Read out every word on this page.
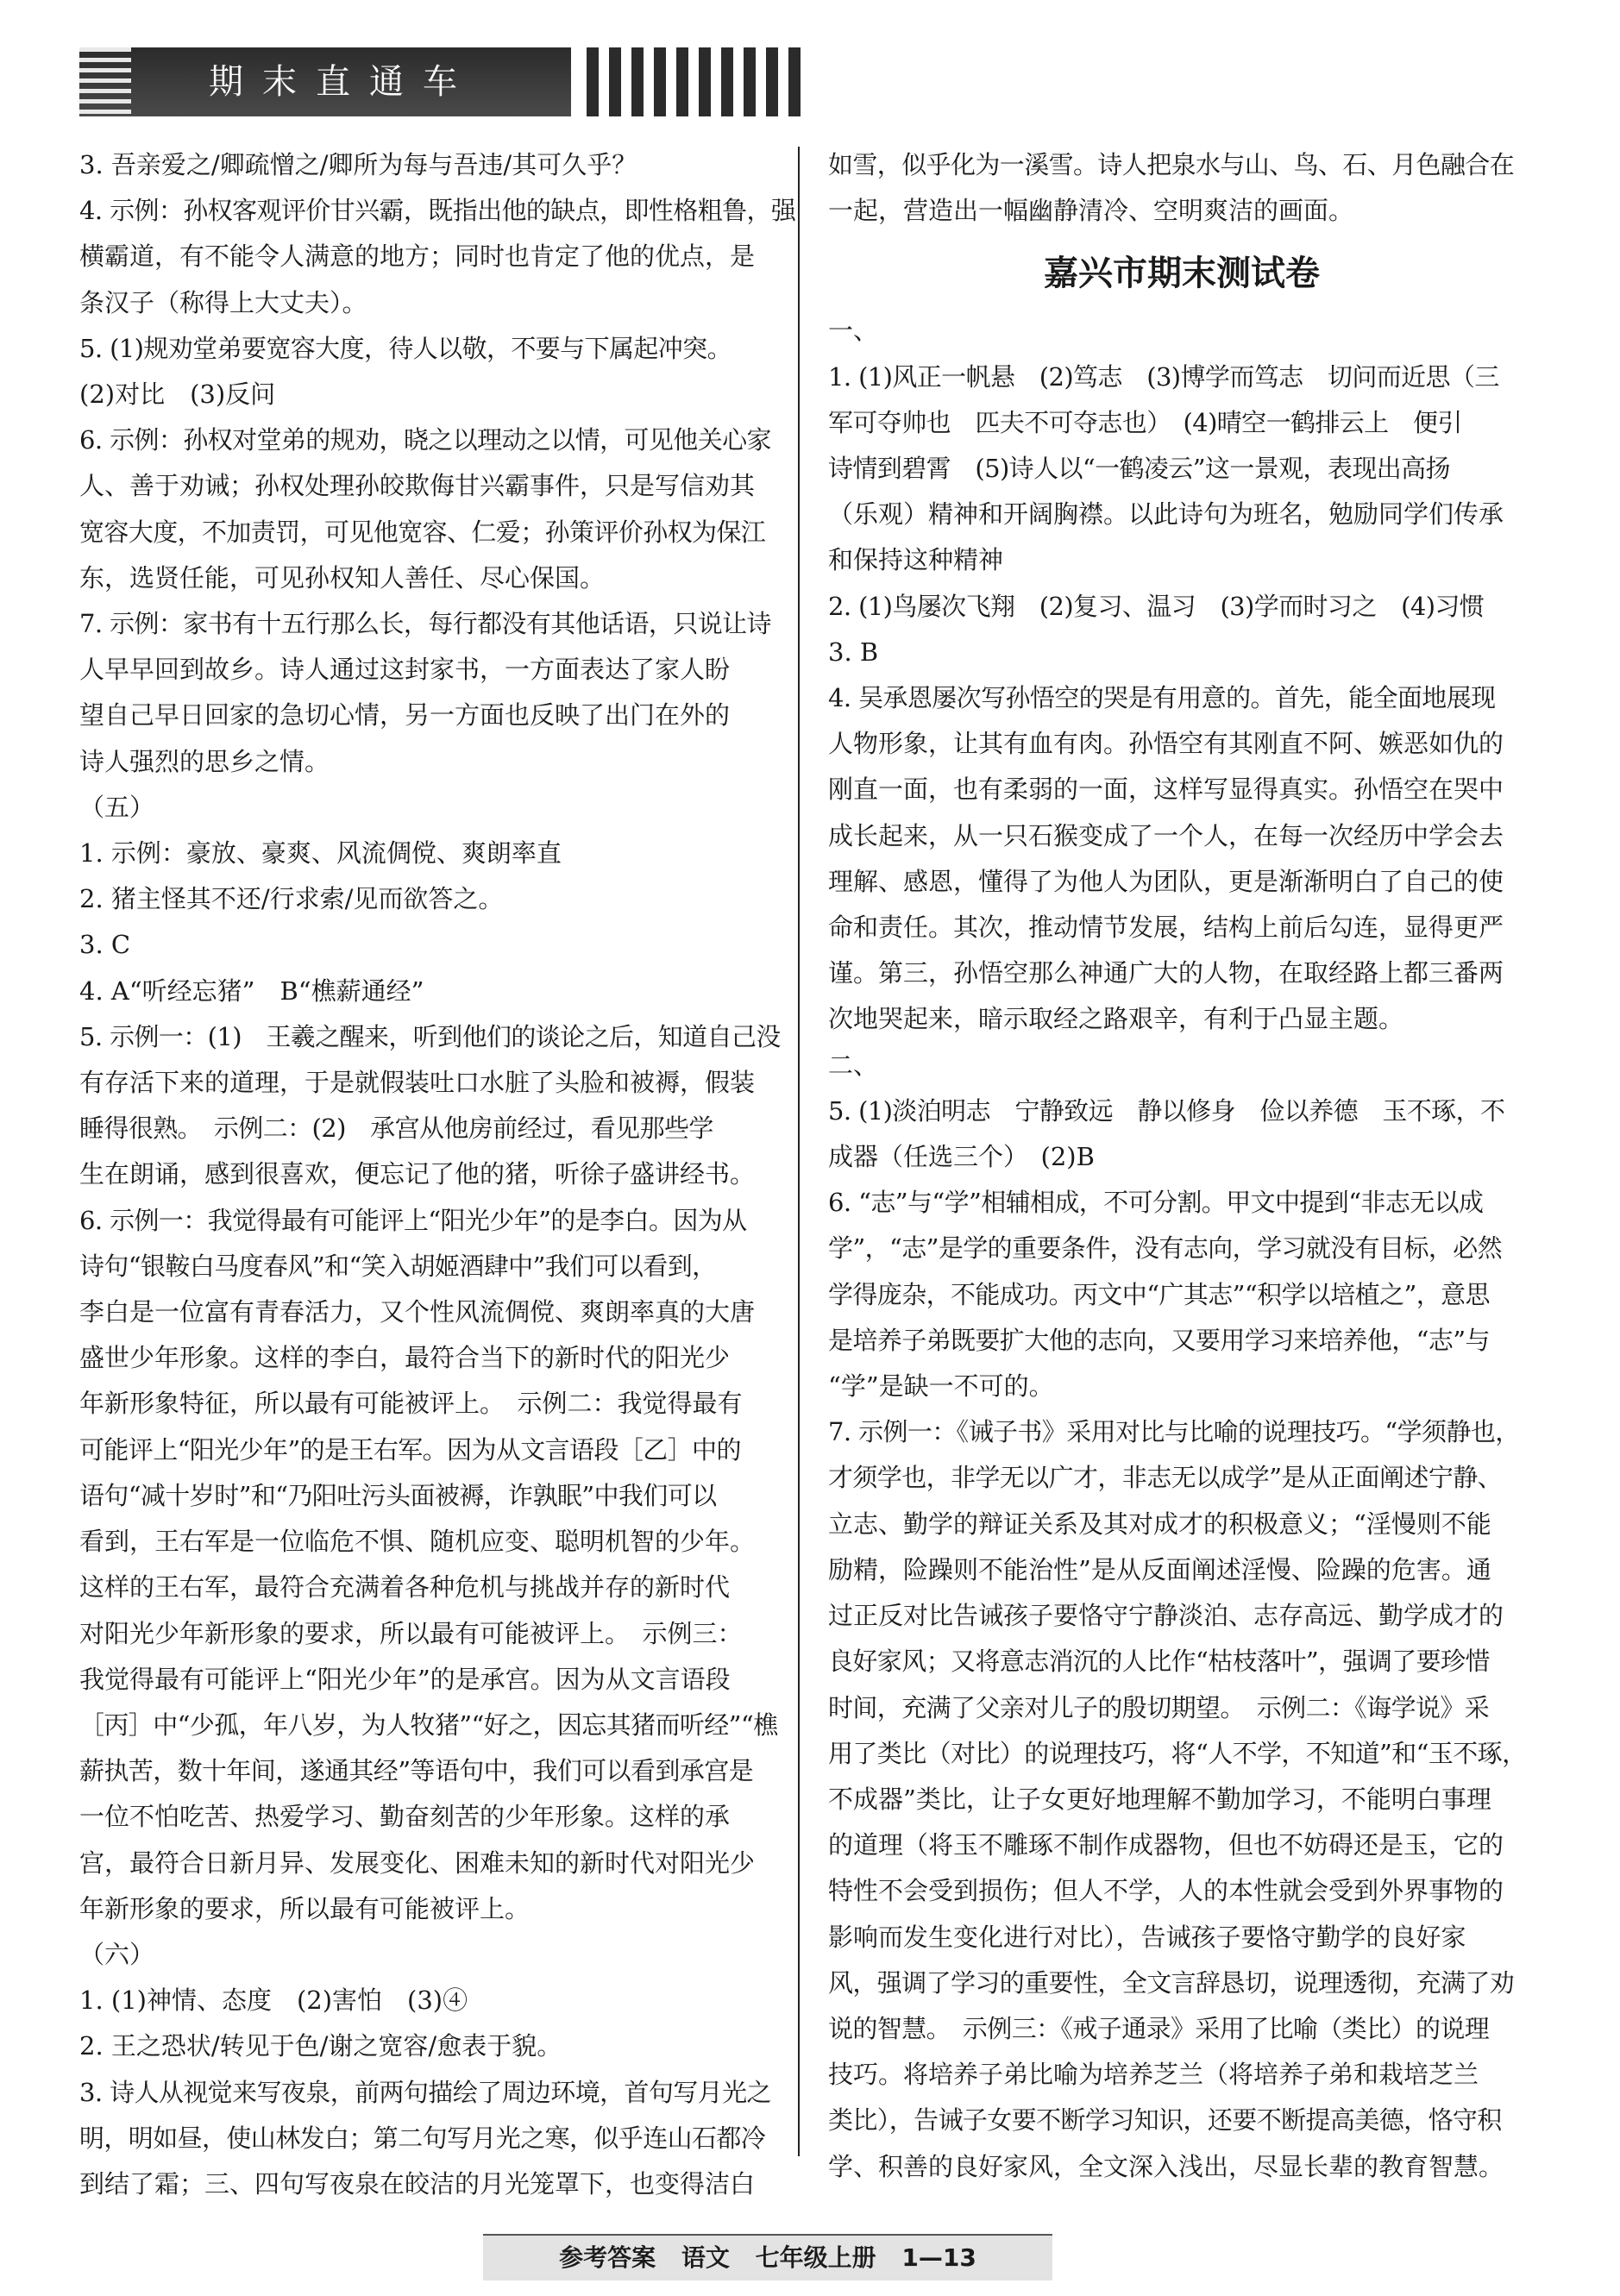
期末直通车
3. 吾亲爱之/卿疏憎之/卿所为每与吾违/其可久乎？
4. 示例：孙权客观评价甘兴霸，既指出他的缺点，即性格粗鲁，强
横霸道，有不能令人满意的地方；同时也肯定了他的优点，是
条汉子（称得上大丈夫）。
5. (1)规劝堂弟要宽容大度，待人以敬，不要与下属起冲突。
(2)对比　(3)反问
6. 示例：孙权对堂弟的规劝，晓之以理动之以情，可见他关心家
人、善于劝诫；孙权处理孙皎欺侮甘兴霸事件，只是写信劝其
宽容大度，不加责罚，可见他宽容、仁爱；孙策评价孙权为保江
东，选贤任能，可见孙权知人善任、尽心保国。
7. 示例：家书有十五行那么长，每行都没有其他话语，只说让诗
人早早回到故乡。诗人通过这封家书，一方面表达了家人盼
望自己早日回家的急切心情，另一方面也反映了出门在外的
诗人强烈的思乡之情。
（五）
1. 示例：豪放、豪爽、风流倜傥、爽朗率直
2. 猪主怪其不还/行求索/见而欲答之。
3. C
4. A“听经忘猪”　B“樵薪通经”
5. 示例一：(1)　王羲之醒来，听到他们的谈论之后，知道自己没
有存活下来的道理，于是就假装吐口水脏了头脸和被褥，假装
睡得很熟。　示例二：(2)　承宫从他房前经过，看见那些学
生在朗诵，感到很喜欢，便忘记了他的猪，听徐子盛讲经书。
6. 示例一：我觉得最有可能评上“阳光少年”的是李白。因为从
诗句“银鞍白马度春风”和“笑入胡姬酒肆中”我们可以看到，
李白是一位富有青春活力，又个性风流倜傥、爽朗率真的大唐
盛世少年形象。这样的李白，最符合当下的新时代的阳光少
年新形象特征，所以最有可能被评上。　示例二：我觉得最有
可能评上“阳光少年”的是王右军。因为从文言语段［乙］中的
语句“减十岁时”和“乃阳吐污头面被褥，诈孰眠”中我们可以
看到，王右军是一位临危不惧、随机应变、聪明机智的少年。
这样的王右军，最符合充满着各种危机与挑战并存的新时代
对阳光少年新形象的要求，所以最有可能被评上。　示例三：
我觉得最有可能评上“阳光少年”的是承宫。因为从文言语段
［丙］中“少孤，年八岁，为人牧猪”“好之，因忘其猪而听经”“樵
薪执苦，数十年间，遂通其经”等语句中，我们可以看到承宫是
一位不怕吃苦、热爱学习、勤奋刻苦的少年形象。这样的承
宫，最符合日新月异、发展变化、困难未知的新时代对阳光少
年新形象的要求，所以最有可能被评上。
（六）
1. (1)神情、态度　(2)害怕　(3)④
2. 王之恐状/转见于色/谢之宽容/愈表于貌。
3. 诗人从视觉来写夜泉，前两句描绘了周边环境，首句写月光之
明，明如昼，使山林发白；第二句写月光之寒，似乎连山石都冷
到结了霜；三、四句写夜泉在皎洁的月光笼罩下，也变得洁白
如雪，似乎化为一溪雪。诗人把泉水与山、鸟、石、月色融合在
一起，营造出一幅幽静清冷、空明爽洁的画面。
嘉兴市期末测试卷
一、
1. (1)风正一帆悬　(2)笃志　(3)博学而笃志　切问而近思（三
军可夺帅也　匹夫不可夺志也）　(4)晴空一鹤排云上　便引
诗情到碧霄　(5)诗人以“一鹤凌云”这一景观，表现出高扬
（乐观）精神和开阔胸襟。以此诗句为班名，勉励同学们传承
和保持这种精神
2. (1)鸟屡次飞翔　(2)复习、温习　(3)学而时习之　(4)习惯
3. B
4. 吴承恩屡次写孙悟空的哭是有用意的。首先，能全面地展现
人物形象，让其有血有肉。孙悟空有其刚直不阿、嫉恶如仇的
刚直一面，也有柔弱的一面，这样写显得真实。孙悟空在哭中
成长起来，从一只石猴变成了一个人，在每一次经历中学会去
理解、感恩，懂得了为他人为团队，更是渐渐明白了自己的使
命和责任。其次，推动情节发展，结构上前后勾连，显得更严
谨。第三，孙悟空那么神通广大的人物，在取经路上都三番两
次地哭起来，暗示取经之路艰辛，有利于凸显主题。
二、
5. (1)淡泊明志　宁静致远　静以修身　俭以养德　玉不琢，不
成器（任选三个）　(2)B
6. “志”与“学”相辅相成，不可分割。甲文中提到“非志无以成
学”，“志”是学的重要条件，没有志向，学习就没有目标，必然
学得庞杂，不能成功。丙文中“广其志”“积学以培植之”，意思
是培养子弟既要扩大他的志向，又要用学习来培养他，“志”与
“学”是缺一不可的。
7. 示例一：《诫子书》采用对比与比喻的说理技巧。“学须静也，
才须学也，非学无以广才，非志无以成学”是从正面阐述宁静、
立志、勤学的辩证关系及其对成才的积极意义；“淫慢则不能
励精，险躁则不能治性”是从反面阐述淫慢、险躁的危害。通
过正反对比告诫孩子要恪守宁静淡泊、志存高远、勤学成才的
良好家风；又将意志消沉的人比作“枯枝落叶”，强调了要珍惜
时间，充满了父亲对儿子的殷切期望。　示例二：《诲学说》采
用了类比（对比）的说理技巧，将“人不学，不知道”和“玉不琢，
不成器”类比，让子女更好地理解不勤加学习，不能明白事理
的道理（将玉不雕琢不制作成器物，但也不妨碍还是玉，它的
特性不会受到损伤；但人不学，人的本性就会受到外界事物的
影响而发生变化进行对比），告诫孩子要恪守勤学的良好家
风，强调了学习的重要性，全文言辞恳切，说理透彻，充满了劝
说的智慧。　示例三：《戒子通录》采用了比喻（类比）的说理
技巧。将培养子弟比喻为培养芝兰（将培养子弟和栽培芝兰
类比），告诫子女要不断学习知识，还要不断提高美德，恪守积
学、积善的良好家风，全文深入浅出，尽显长辈的教育智慧。
参考答案 语文 七年级上册 1—13
